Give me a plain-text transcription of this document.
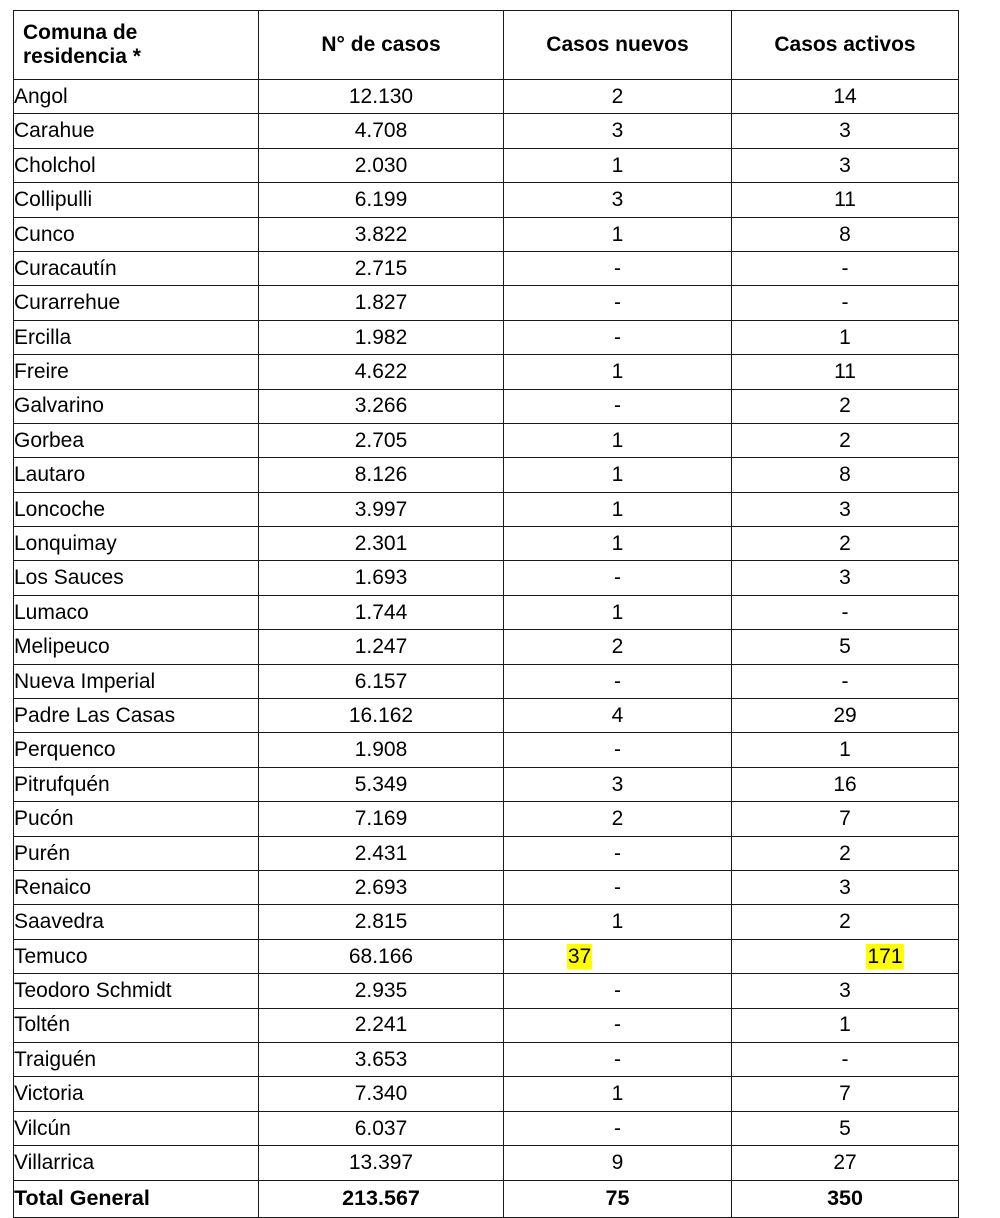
Comuna de
residencia *	N° de casos	Casos nuevos	Casos activos
Angol	12.130	2	14
Carahue	4.708	3	3
Cholchol	2.030	1	3
Collipulli	6.199	3	11
Cunco	3.822	1	8
Curacautín	2.715	-	-
Curarrehue	1.827	-	-
Ercilla	1.982	-	1
Freire	4.622	1	11
Galvarino	3.266	-	2
Gorbea	2.705	1	2
Lautaro	8.126	1	8
Loncoche	3.997	1	3
Lonquimay	2.301	1	2
Los Sauces	1.693	-	3
Lumaco	1.744	1	-
Melipeuco	1.247	2	5
Nueva Imperial	6.157	-	-
Padre Las Casas	16.162	4	29
Perquenco	1.908	-	1
Pitrufquén	5.349	3	16
Pucón	7.169	2	7
Purén	2.431	-	2
Renaico	2.693	-	3
Saavedra	2.815	1	2
Temuco	68.166	37	171
Teodoro Schmidt	2.935	-	3
Toltén	2.241	-	1
Traiguén	3.653	-	-
Victoria	7.340	1	7
Vilcún	6.037	-	5
Villarrica	13.397	9	27
Total General	213.567	75	350
